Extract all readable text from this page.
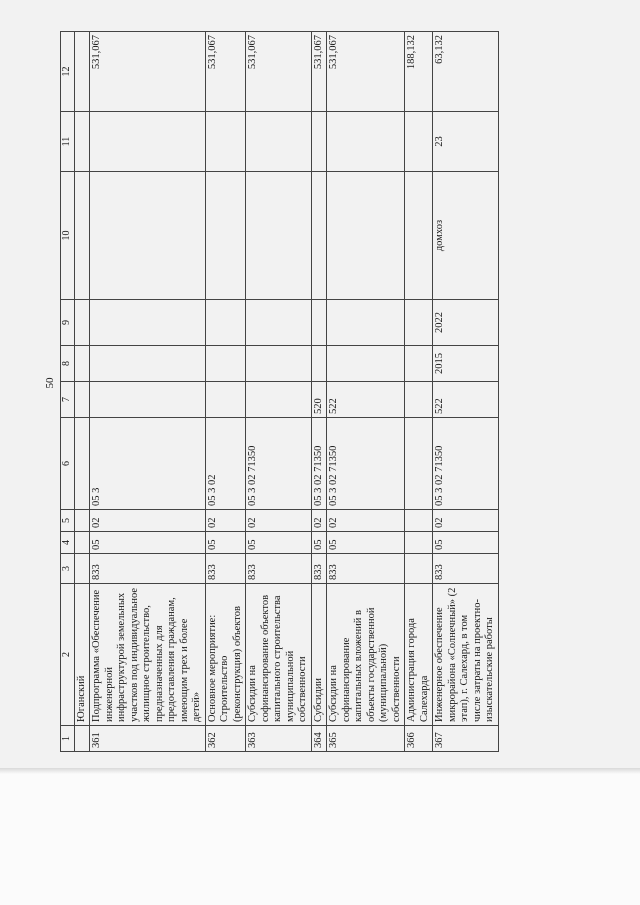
50
1	2	3	4	5	6	7	8	9	10	11	12
	Юганский										
361	Подпрограмма «Обеспечение инженерной инфраструктурой земельных участков под индивидуальное жилищное строительство, предназначенных для предоставления гражданам, имеющим трех и более детей»	833	05	02	05 3						531,067
362	Основное мероприятие: Строительство (реконструкция) объектов	833	05	02	05 3 02						531,067
363	Субсидии на софинансирование объектов капитального строительства муниципальной собственности	833	05	02	05 3 02 71350						531,067
364	Субсидии	833	05	02	05 3 02 71350	520					531,067
365	Субсидии на софинансирование капитальных вложений в объекты государственной (муниципальной) собственности	833	05	02	05 3 02 71350	522					531,067
366	Администрация города Салехарда										188,132
367	Инженерное обеспечение микрорайона «Солнечный» (2 этап), г. Салехард, в том числе затраты на проектно-изыскательские работы	833	05	02	05 3 02 71350	522	2015	2022	домхоз	23	63,132
